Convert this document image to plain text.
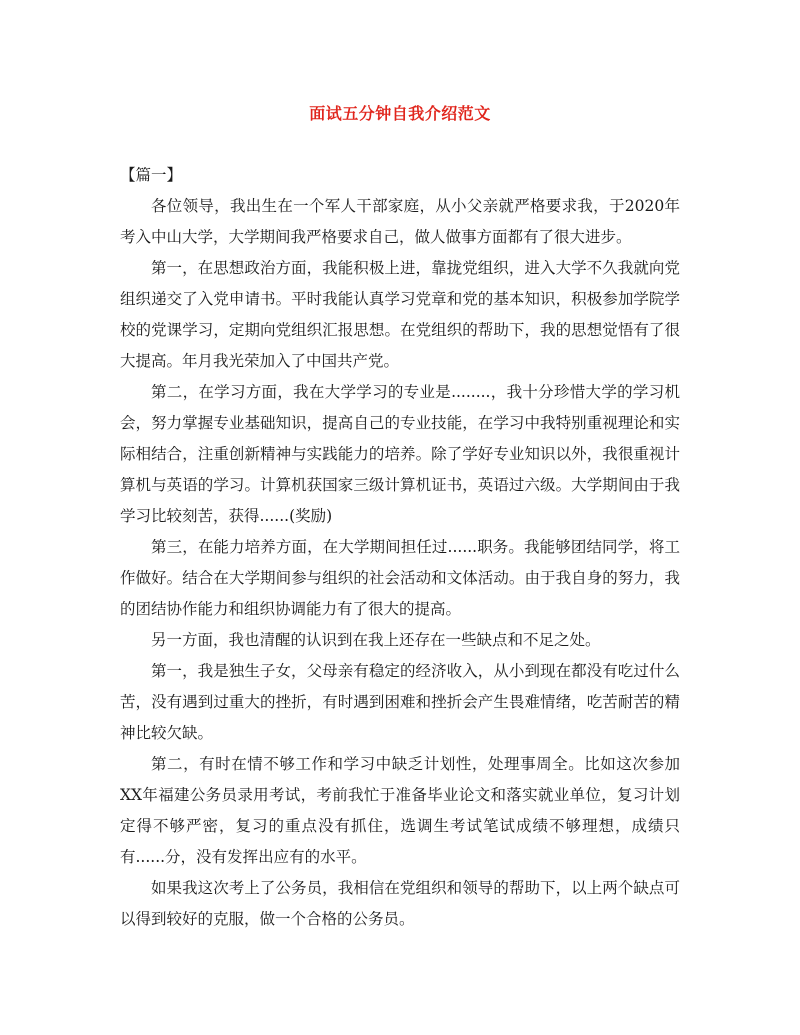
面试五分钟自我介绍范文

【篇一】

各位领导，我出生在一个军人干部家庭，从小父亲就严格要求我，于2020年考入中山大学，大学期间我严格要求自己，做人做事方面都有了很大进步。

第一，在思想政治方面，我能积极上进，靠拢党组织，进入大学不久我就向党组织递交了入党申请书。平时我能认真学习党章和党的基本知识，积极参加学院学校的党课学习，定期向党组织汇报思想。在党组织的帮助下，我的思想觉悟有了很大提高。年月我光荣加入了中国共产党。

第二，在学习方面，我在大学学习的专业是........，我十分珍惜大学的学习机会，努力掌握专业基础知识，提高自己的专业技能，在学习中我特别重视理论和实际相结合，注重创新精神与实践能力的培养。除了学好专业知识以外，我很重视计算机与英语的学习。计算机获国家三级计算机证书，英语过六级。大学期间由于我学习比较刻苦，获得......(奖励)

第三，在能力培养方面，在大学期间担任过......职务。我能够团结同学，将工作做好。结合在大学期间参与组织的社会活动和文体活动。由于我自身的努力，我的团结协作能力和组织协调能力有了很大的提高。

另一方面，我也清醒的认识到在我上还存在一些缺点和不足之处。

第一，我是独生子女，父母亲有稳定的经济收入，从小到现在都没有吃过什么苦，没有遇到过重大的挫折，有时遇到困难和挫折会产生畏难情绪，吃苦耐苦的精神比较欠缺。

第二，有时在情不够工作和学习中缺乏计划性，处理事周全。比如这次参加XX年福建公务员录用考试，考前我忙于准备毕业论文和落实就业单位，复习计划定得不够严密，复习的重点没有抓住，选调生考试笔试成绩不够理想，成绩只有......分，没有发挥出应有的水平。

如果我这次考上了公务员，我相信在党组织和领导的帮助下，以上两个缺点可以得到较好的克服，做一个合格的公务员。
